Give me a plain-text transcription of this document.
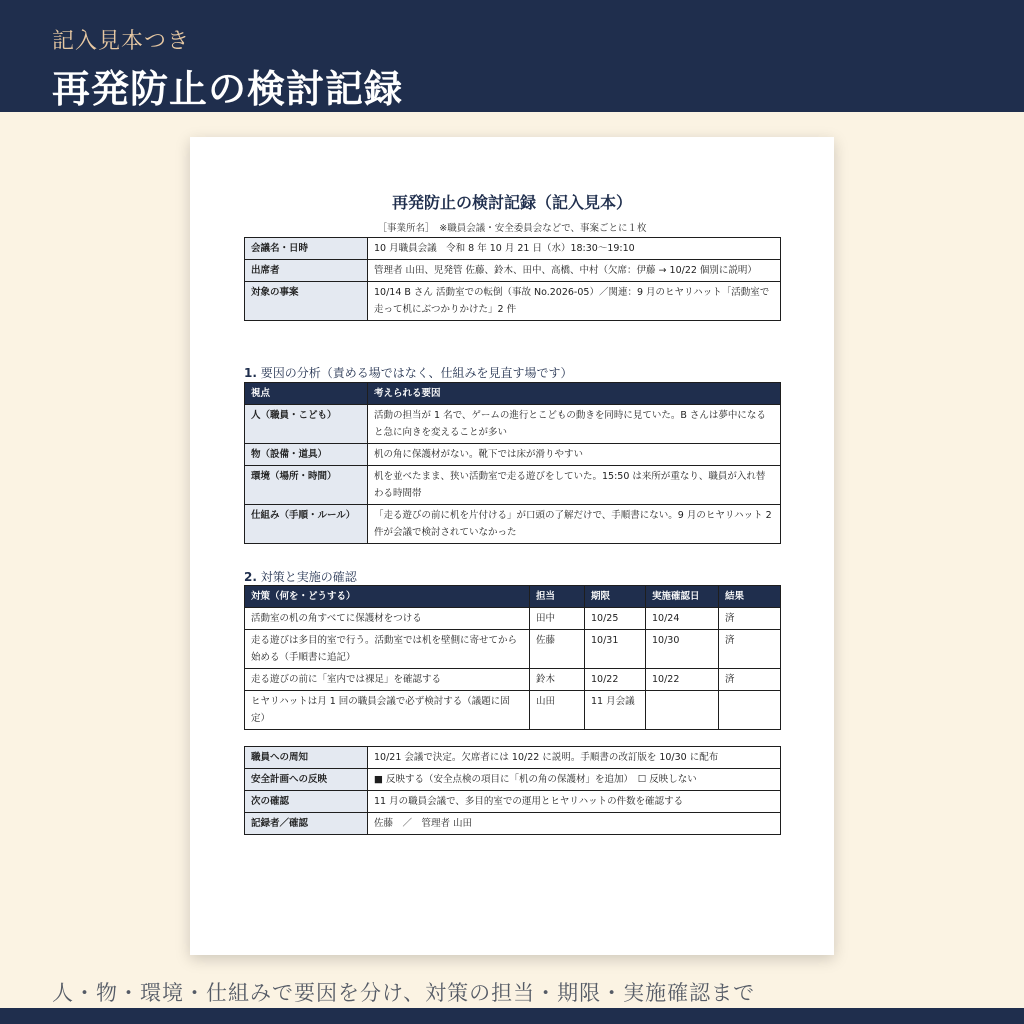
記入見本つき
再発防止の検討記録
再発防止の検討記録（記入見本）
［事業所名］　※職員会議・安全委員会などで、事案ごとに１枚
会議名・日時	10 月職員会議　令和 8 年 10 月 21 日（水）18:30〜19:10
出席者	管理者 山田、児発管 佐藤、鈴木、田中、高橋、中村（欠席：伊藤 → 10/22 個別に説明）
対象の事案	10/14 B さん 活動室での転倒（事故 No.2026-05）／関連：9 月のヒヤリハット「活動室で走って机にぶつかりかけた」2 件
1. 要因の分析（責める場ではなく、仕組みを見直す場です）
視点	考えられる要因
人（職員・こども）	活動の担当が 1 名で、ゲームの進行とこどもの動きを同時に見ていた。B さんは夢中になると急に向きを変えることが多い
物（設備・道具）	机の角に保護材がない。靴下では床が滑りやすい
環境（場所・時間）	机を並べたまま、狭い活動室で走る遊びをしていた。15:50 は来所が重なり、職員が入れ替わる時間帯
仕組み（手順・ルール）	「走る遊びの前に机を片付ける」が口頭の了解だけで、手順書にない。9 月のヒヤリハット 2 件が会議で検討されていなかった
2. 対策と実施の確認
対策（何を・どうする）	担当	期限	実施確認日	結果
活動室の机の角すべてに保護材をつける	田中	10/25	10/24	済
走る遊びは多目的室で行う。活動室では机を壁側に寄せてから始める（手順書に追記）	佐藤	10/31	10/30	済
走る遊びの前に「室内では裸足」を確認する	鈴木	10/22	10/22	済
ヒヤリハットは月 1 回の職員会議で必ず検討する（議題に固定）	山田	11 月会議		
職員への周知	10/21 会議で決定。欠席者には 10/22 に説明。手順書の改訂版を 10/30 に配布
安全計画への反映	■ 反映する（安全点検の項目に「机の角の保護材」を追加）　☐ 反映しない
次の確認	11 月の職員会議で、多目的室での運用とヒヤリハットの件数を確認する
記録者／確認	佐藤　／　管理者 山田
人・物・環境・仕組みで要因を分け、対策の担当・期限・実施確認まで
